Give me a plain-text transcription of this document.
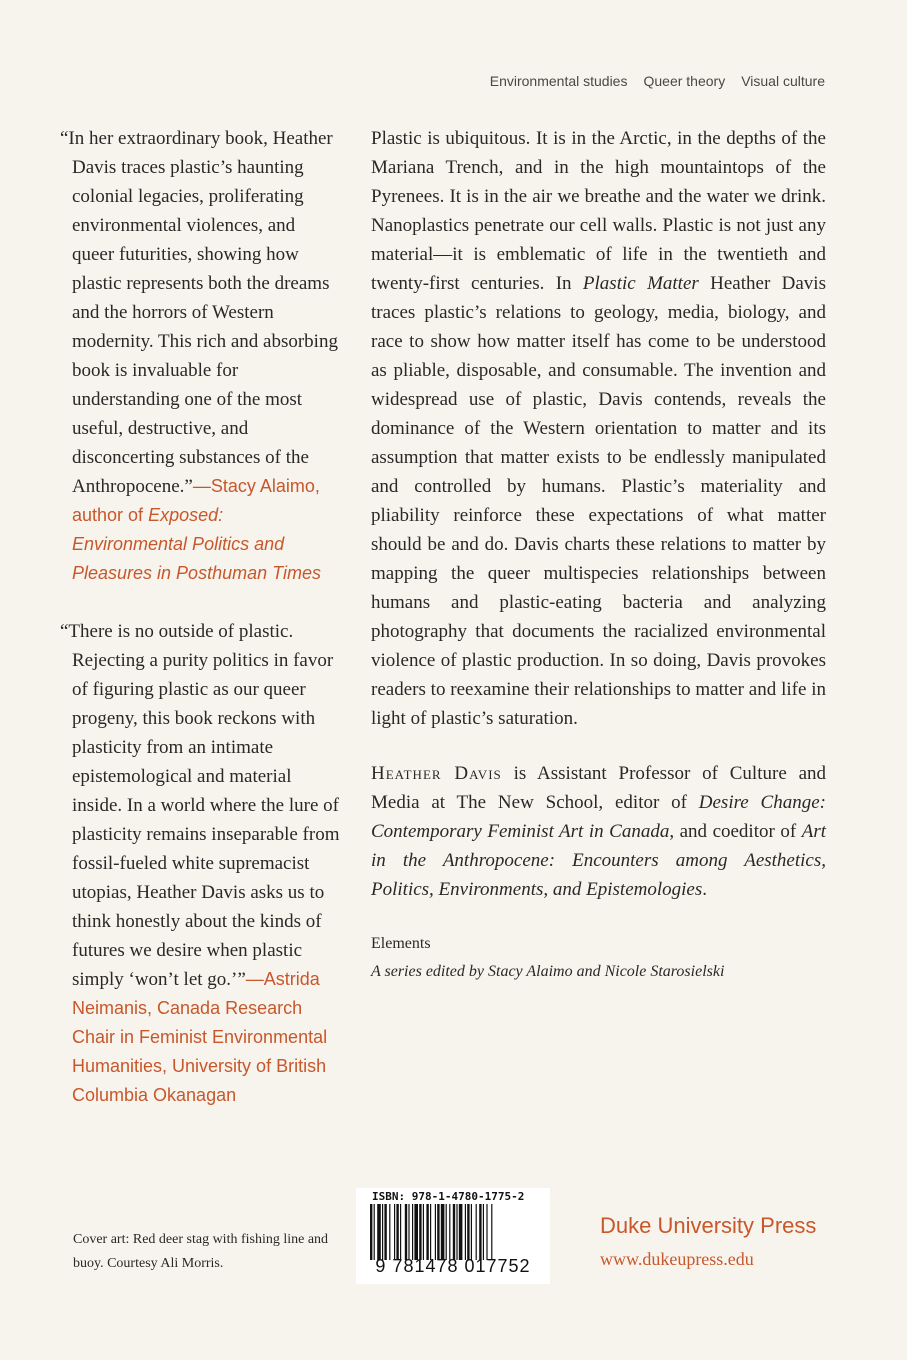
Environmental studies Queer theory Visual culture

“In her extraordinary book, Heather Davis traces plastic’s haunting colonial legacies, proliferating environmental violences, and queer futurities, showing how plastic represents both the dreams and the horrors of Western modernity. This rich and absorbing book is invaluable for understanding one of the most useful, destructive, and disconcerting substances of the Anthropocene.”—Stacy Alaimo, author of Exposed: Environmental Politics and Pleasures in Posthuman Times

“There is no outside of plastic. Rejecting a purity politics in favor of figuring plastic as our queer progeny, this book reckons with plasticity from an intimate epistemological and material inside. In a world where the lure of plasticity remains inseparable from fossil-fueled white supremacist utopias, Heather Davis asks us to think honestly about the kinds of futures we desire when plastic simply ‘won’t let go.’”—Astrida Neimanis, Canada Research Chair in Feminist Environmental Humanities, University of British Columbia Okanagan

Plastic is ubiquitous. It is in the Arctic, in the depths of the Mariana Trench, and in the high mountaintops of the Pyrenees. It is in the air we breathe and the water we drink. Nanoplastics penetrate our cell walls. Plastic is not just any material—it is emblematic of life in the twentieth and twenty-first centuries. In Plastic Matter Heather Davis traces plastic’s relations to geology, media, biology, and race to show how matter itself has come to be understood as pliable, disposable, and consumable. The invention and widespread use of plastic, Davis contends, reveals the dominance of the Western orientation to matter and its assumption that matter exists to be endlessly manipulated and controlled by humans. Plastic’s materiality and pliability reinforce these expectations of what matter should be and do. Davis charts these relations to matter by mapping the queer multispecies relationships between humans and plastic-eating bacteria and analyzing photography that documents the racialized environmental violence of plastic production. In so doing, Davis provokes readers to reexamine their relationships to matter and life in light of plastic’s saturation.

Heather Davis is Assistant Professor of Culture and Media at The New School, editor of Desire Change: Contemporary Feminist Art in Canada, and coeditor of Art in the Anthropocene: Encounters among Aesthetics, Politics, Environments, and Epistemologies.

Elements
A series edited by Stacy Alaimo and Nicole Starosielski
Cover art: Red deer stag with fishing line and buoy. Courtesy Ali Morris.
ISBN: 978-1-4780-1775-2
9 781478 017752
Duke University Press
www.dukeupress.edu
